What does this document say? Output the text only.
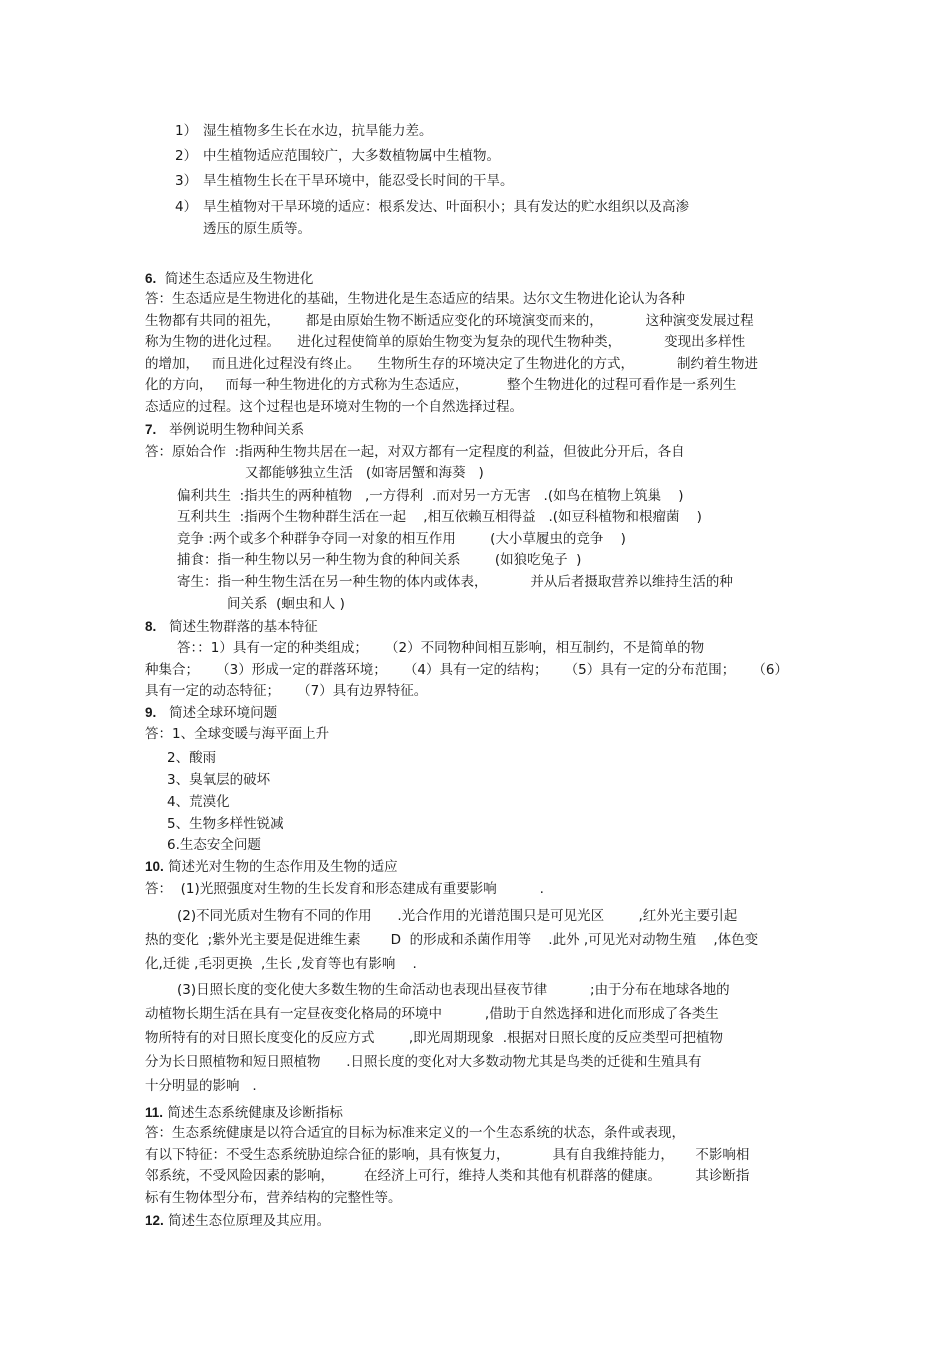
1） 湿生植物多生长在水边，抗旱能力差。
2） 中生植物适应范围较广，大多数植物属中生植物。
3） 旱生植物生长在干旱环境中，能忍受长时间的干旱。
4） 旱生植物对干旱环境的适应：根系发达、叶面积小；具有发达的贮水组织以及高渗
透压的原生质等。
6. 简述生态适应及生物进化
答：生态适应是生物进化的基础，生物进化是生态适应的结果。达尔文生物进化论认为各种
生物都有共同的祖先，      都是由原始生物不断适应变化的环境演变而来的，          这种演变发展过程
称为生物的进化过程。    进化过程使简单的原始生物变为复杂的现代生物种类，          变现出多样性
的增加，   而且进化过程没有终止。    生物所生存的环境决定了生物进化的方式，          制约着生物进
化的方向，   而每一种生物进化的方式称为生态适应，         整个生物进化的过程可看作是一系列生
态适应的过程。这个过程也是环境对生物的一个自然选择过程。
7. 举例说明生物种间关系
答：原始合作  :指两种生物共居在一起，对双方都有一定程度的利益，但彼此分开后，各自
又都能够独立生活   (如寄居蟹和海葵   )
偏利共生  :指共生的两种植物   ,一方得利  .而对另一方无害   .(如鸟在植物上筑巢    )
互利共生  :指两个生物种群生活在一起    ,相互依赖互相得益   .(如豆科植物和根瘤菌    )
竞争 :两个或多个种群争夺同一对象的相互作用        (大小草履虫的竞争    )
捕食：指一种生物以另一种生物为食的种间关系        (如狼吃兔子  )
寄生：指一种生物生活在另一种生物的体内或体表，          并从后者摄取营养以维持生活的种
间关系  (蛔虫和人 )
8. 简述生物群落的基本特征
答：：1）具有一定的种类组成；    （2）不同物种间相互影响，相互制约，不是简单的物
种集合；    （3）形成一定的群落环境；    （4）具有一定的结构；    （5）具有一定的分布范围；    （6）
具有一定的动态特征；    （7）具有边界特征。
9. 简述全球环境问题
答：1、全球变暖与海平面上升
2、酸雨
3、臭氧层的破坏
4、荒漠化
5、生物多样性锐减
6.生态安全问题
10. 简述光对生物的生态作用及生物的适应
答：  (1)光照强度对生物的生长发育和形态建成有重要影响          .
(2)不同光质对生物有不同的作用      .光合作用的光谱范围只是可见光区        ,红外光主要引起
热的变化  ;紫外光主要是促进维生素       D  的形成和杀菌作用等    .此外 ,可见光对动物生殖    ,体色变
化,迁徙 ,毛羽更换  ,生长 ,发育等也有影响    .
(3)日照长度的变化使大多数生物的生命活动也表现出昼夜节律          ;由于分布在地球各地的
动植物长期生活在具有一定昼夜变化格局的环境中          ,借助于自然选择和进化而形成了各类生
物所特有的对日照长度变化的反应方式        ,即光周期现象  .根据对日照长度的反应类型可把植物
分为长日照植物和短日照植物      .日照长度的变化对大多数动物尤其是鸟类的迁徙和生殖具有
十分明显的影响   .
11. 简述生态系统健康及诊断指标
答：生态系统健康是以符合适宜的目标为标准来定义的一个生态系统的状态，条件或表现，
有以下特征：不受生态系统胁迫综合征的影响，具有恢复力，          具有自我维持能力，     不影响相
邻系统，不受风险因素的影响，       在经济上可行，维持人类和其他有机群落的健康。        其诊断指
标有生物体型分布，营养结构的完整性等。
12. 简述生态位原理及其应用。
